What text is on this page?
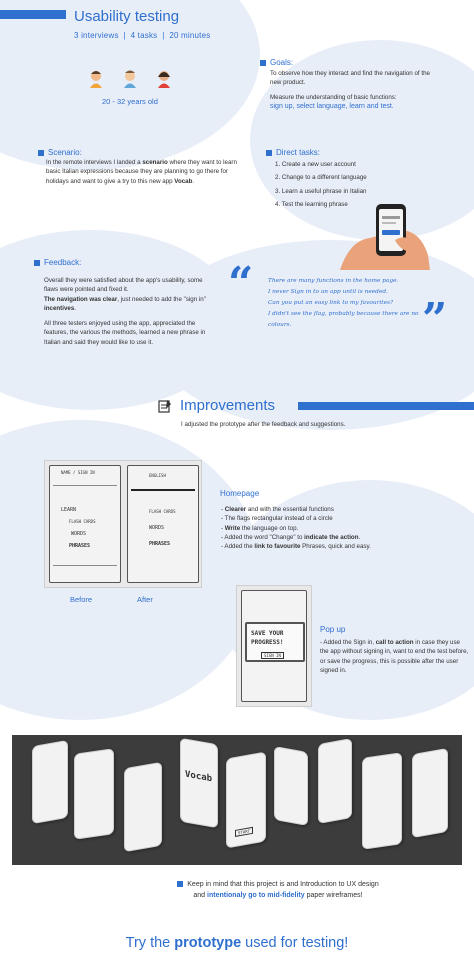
Usability testing
3 interviews  |  4 tasks  |  20 minutes
20 - 32 years old
Goals:
To observe how they interact and find the navigation of the new product.
Measure the understanding of basic functions:
sign up, select language, learn and test.
Scenario:
In the remote interviews I landed a scenario where they want to learn basic Italian expressions because they are planning to go there for holidays and want to give a try to this new app Vocab.
Direct tasks:
1. Create a new user account
2. Change to a different language
3. Learn a useful phrase in Italian
4. Test the learning phrase
Feedback:
Overall they were satisfied about the app's usability, some flaws were pointed and fixed it.
The navigation was clear, just needed to add the "sign in" incentives.
All three testers enjoyed using the app, appreciated the features, the various the methods, learned a new phrase in Italian and said they would like to use it.
“	There are many functions in the home page.
I never Sign in to an app until is needed.
Can you put an easy link to my favourites?
I didn't see the flag, probably because there are no colours.	”
Improvements
I adjusted the prototype after the feedback and suggestions.
NAME / SIGN IN
LEARN
FLASH CARDS
WORDS
PHRASES
ENGLISH
FLASH CARDS
WORDS
PHRASES
Before	After
Homepage
- Clearer and with the essential functions
- The flags rectangular instead of a circle
- Write the language on top.
- Added the word "Change" to indicate the action.
- Added the link to favourite Phrases, quick and easy.
SAVE YOUR
PROGRESS!
SIGN IN
Pop up
- Added the Sign in, call to action in case they use the app without signing in, want to end the test before, or save the progress, this is possible after the user signed in.
Vocab
START
Keep in mind that this project is and Introduction to UX design
and intentionaly go to mid-fidelity paper wireframes!
Try the prototype used for testing!
